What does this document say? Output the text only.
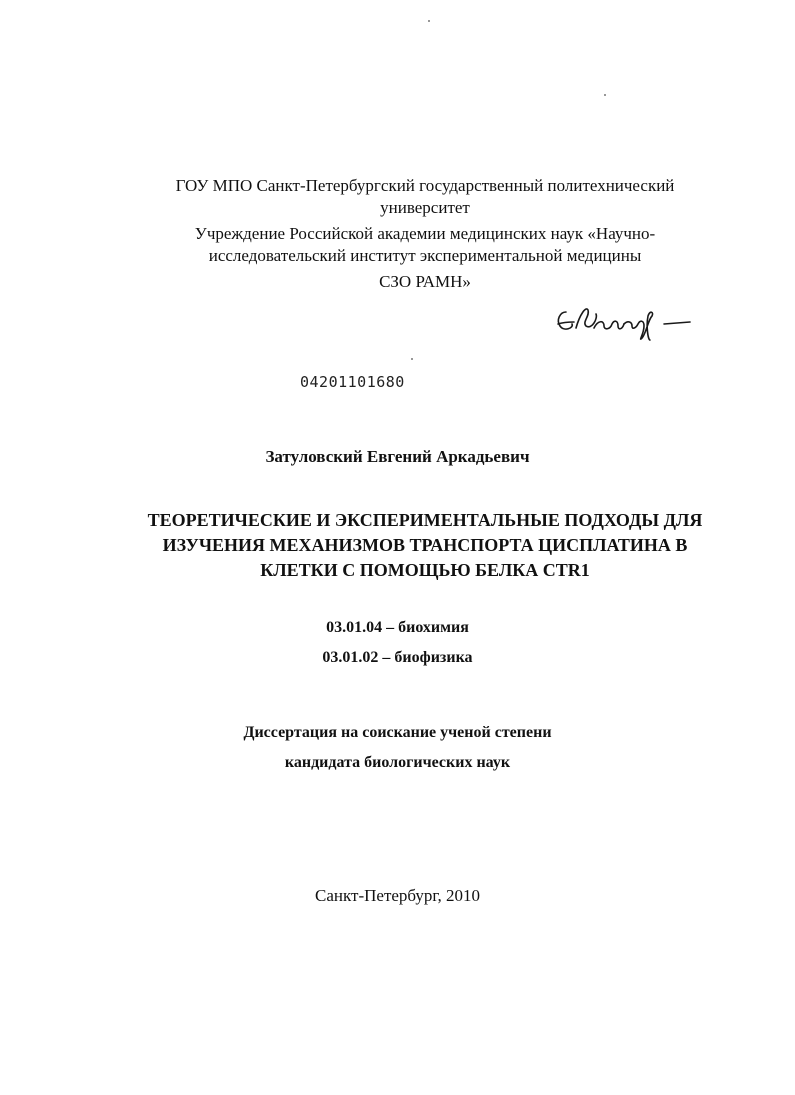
ГОУ МПО Санкт-Петербургский государственный политехнический
университет
Учреждение Российской академии медицинских наук «Научно-
исследовательский институт экспериментальной медицины
СЗО РАМН»
04201101680
Затуловский Евгений Аркадьевич
ТЕОРЕТИЧЕСКИЕ И ЭКСПЕРИМЕНТАЛЬНЫЕ ПОДХОДЫ ДЛЯ
ИЗУЧЕНИЯ МЕХАНИЗМОВ ТРАНСПОРТА ЦИСПЛАТИНА В
КЛЕТКИ С ПОМОЩЬЮ БЕЛКА CTR1
03.01.04 – биохимия
03.01.02 – биофизика
Диссертация на соискание ученой степени
кандидата биологических наук
Санкт-Петербург, 2010
